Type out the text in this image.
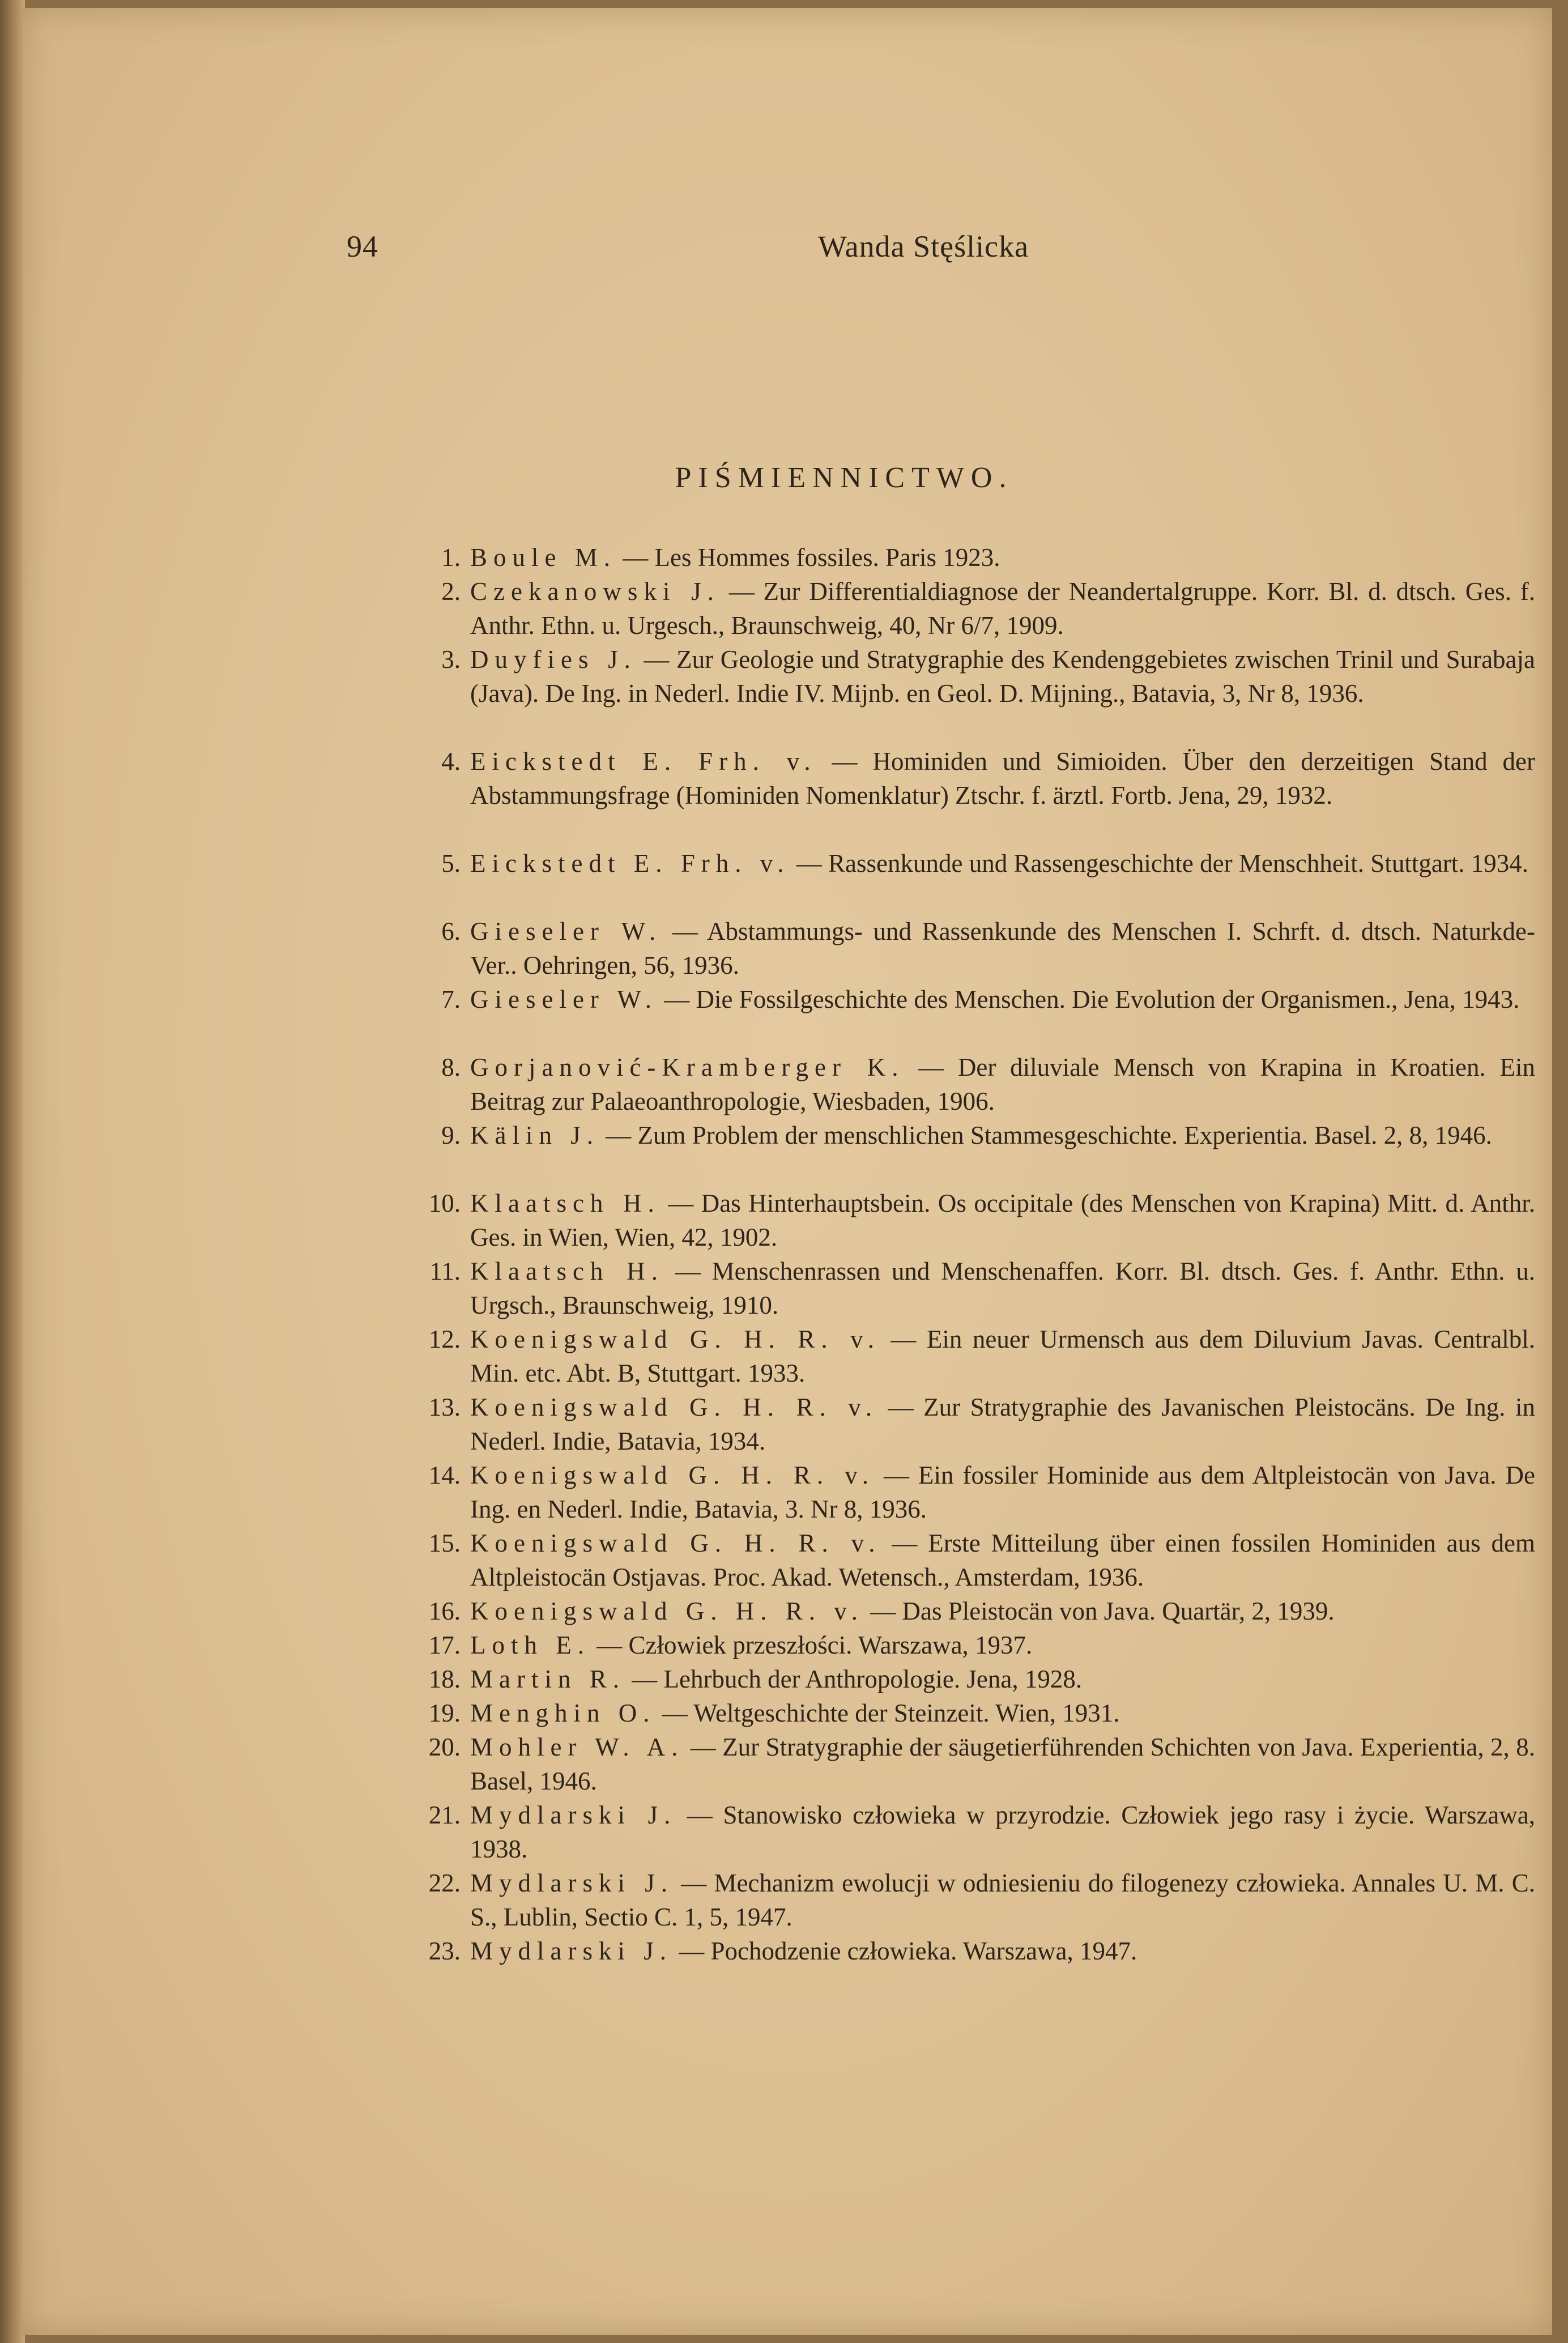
94	Wanda Stęślicka
PIŚMIENNICTWO.
1. Boule M. — Les Hommes fossiles. Paris 1923.
2. Czekanowski J. — Zur Differentialdiagnose der Neandertalgruppe. Korr. Bl. d. dtsch. Ges. f. Anthr. Ethn. u. Urgesch., Braunschweig, 40, Nr 6/7, 1909.
3. Duyfies J. — Zur Geologie und Stratygraphie des Kendenggebietes zwischen Trinil und Surabaja (Java). De Ing. in Nederl. Indie IV. Mijnb. en Geol. D. Mijning., Batavia, 3, Nr 8, 1936.
4. Eickstedt E. Frh. v. — Hominiden und Simioiden. Über den derzeitigen Stand der Abstammungsfrage (Hominiden Nomenklatur) Ztschr. f. ärztl. Fortb. Jena, 29, 1932.
5. Eickstedt E. Frh. v. — Rassenkunde und Rassengeschichte der Menschheit. Stuttgart. 1934.
6. Gieseler W. — Abstammungs- und Rassenkunde des Menschen I. Schrft. d. dtsch. Naturkde- Ver.. Oehringen, 56, 1936.
7. Gieseler W. — Die Fossilgeschichte des Menschen. Die Evolution der Organismen., Jena, 1943.
8. Gorjanović-Kramberger K. — Der diluviale Mensch von Krapina in Kroatien. Ein Beitrag zur Palaeoanthropologie, Wiesbaden, 1906.
9. Kälin J. — Zum Problem der menschlichen Stammesgeschichte. Experientia. Basel. 2, 8, 1946.
10. Klaatsch H. — Das Hinterhauptsbein. Os occipitale (des Menschen von Krapina) Mitt. d. Anthr. Ges. in Wien, Wien, 42, 1902.
11. Klaatsch H. — Menschenrassen und Menschenaffen. Korr. Bl. dtsch. Ges. f. Anthr. Ethn. u. Urgsch., Braunschweig, 1910.
12. Koenigswald G. H. R. v. — Ein neuer Urmensch aus dem Diluvium Javas. Centralbl. Min. etc. Abt. B, Stuttgart. 1933.
13. Koenigswald G. H. R. v. — Zur Stratygraphie des Javanischen Pleistocäns. De Ing. in Nederl. Indie, Batavia, 1934.
14. Koenigswald G. H. R. v. — Ein fossiler Hominide aus dem Altpleistocän von Java. De Ing. en Nederl. Indie, Batavia, 3. Nr 8, 1936.
15. Koenigswald G. H. R. v. — Erste Mitteilung über einen fossilen Hominiden aus dem Altpleistocän Ostjavas. Proc. Akad. Wetensch., Amsterdam, 1936.
16. Koenigswald G. H. R. v. — Das Pleistocän von Java. Quartär, 2, 1939.
17. Loth E. — Człowiek przeszłości. Warszawa, 1937.
18. Martin R. — Lehrbuch der Anthropologie. Jena, 1928.
19. Menghin O. — Weltgeschichte der Steinzeit. Wien, 1931.
20. Mohler W. A. — Zur Stratygraphie der säugetierführenden Schichten von Java. Experientia, 2, 8. Basel, 1946.
21. Mydlarski J. — Stanowisko człowieka w przyrodzie. Człowiek jego rasy i życie. Warszawa, 1938.
22. Mydlarski J. — Mechanizm ewolucji w odniesieniu do filogenezy człowieka. Annales U. M. C. S., Lublin, Sectio C. 1, 5, 1947.
23. Mydlarski J. — Pochodzenie człowieka. Warszawa, 1947.
